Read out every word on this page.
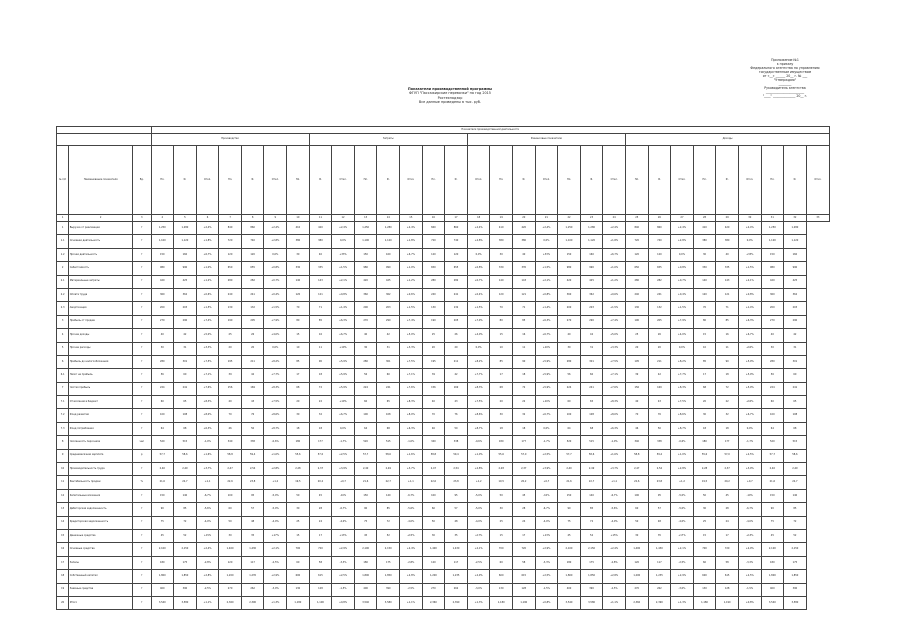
Приложение №1
к приказу
Федерального агентства по управлению
государственным имуществом
от «__» ______ 20__ г. № ___
"Утверждаю"
________
Руководитель агентства
________________________
"____" ______________ 20__ г.
Показатели производственной программы
ФГУП "Пассажирские перевозки" на год 2015
Ростехнадзор
Все данные приведены в тыс. руб.
			Показатели производственной деятельности																													
			Производство							Затраты							Финансовые показатели							Доходы								
№ п/п	Наименование показателя	Ед.	Пл.	Ф.	Откл.	Пл.	Ф.	Откл.	Пл.	Ф.	Откл.	Пл.	Ф.	Откл.	Пл.	Ф.	Откл.	Пл.	Ф.	Откл.	Пл.	Ф.	Откл.	Пл.	Ф.	Откл.	Пл.	Ф.	Откл.	Пл.	Ф.	Откл.
1	2	3	4	5	6	7	8	9	10	11	12	13	14	15	16	17	18	19	20	21	22	23	24	25	26	27	28	29	30	31	32	33
1	Выручка от реализации	т	1,250	1,280	+2,4%	840	860	+2,4%	410	420	+2,4%	1,250	1,280	+2,4%	840	860	+2,4%	410	420	+2,4%	1,250	1,280	+2,4%	840	860	+2,4%	410	420	+2,4%	1,250	1,280	
1.1	Основная деятельность	т	1,100	1,120	+1,8%	720	740	+2,8%	380	380	0,0%	1,100	1,120	+1,8%	720	740	+2,8%	380	380	0,0%	1,100	1,120	+1,8%	720	740	+2,8%	380	380	0,0%	1,100	1,120	
1.2	Прочая деятельность	т	150	160	+6,7%	120	120	0,0%	30	40	+33%	150	160	+6,7%	120	120	0,0%	30	40	+33%	150	160	+6,7%	120	120	0,0%	30	40	+33%	150	160	
2	Себестоимость	т	980	990	+1,0%	650	655	+0,8%	330	335	+1,5%	980	990	+1,0%	650	655	+0,8%	330	335	+1,5%	980	990	+1,0%	650	655	+0,8%	330	335	+1,5%	980	990	
2.1	Материальные затраты	т	420	425	+1,2%	280	282	+0,7%	140	143	+2,1%	420	425	+1,2%	280	282	+0,7%	140	143	+2,1%	420	425	+1,2%	280	282	+0,7%	140	143	+2,1%	420	425	
2.2	Оплата труда	т	360	362	+0,6%	240	241	+0,4%	120	121	+0,8%	360	362	+0,6%	240	241	+0,4%	120	121	+0,8%	360	362	+0,6%	240	241	+0,4%	120	121	+0,8%	360	362	
2.3	Амортизация	т	200	203	+1,5%	130	132	+1,5%	70	71	+1,4%	200	203	+1,5%	130	132	+1,5%	70	71	+1,4%	200	203	+1,5%	130	132	+1,5%	70	71	+1,4%	200	203	
3	Прибыль от продаж	т	270	290	+7,4%	190	205	+7,9%	80	85	+6,3%	270	290	+7,4%	190	205	+7,9%	80	85	+6,3%	270	290	+7,4%	190	205	+7,9%	80	85	+6,3%	270	290	
4	Прочие доходы	т	40	42	+5,0%	25	26	+4,0%	15	16	+6,7%	40	42	+5,0%	25	26	+4,0%	15	16	+6,7%	40	42	+5,0%	25	26	+4,0%	15	16	+6,7%	40	42	
5	Прочие расходы	т	30	31	+3,3%	20	20	0,0%	10	11	+10%	30	31	+3,3%	20	20	0,0%	10	11	+10%	30	31	+3,3%	20	20	0,0%	10	11	+10%	30	31	
6	Прибыль до налогообложения	т	280	301	+7,5%	195	211	+8,2%	85	90	+5,9%	280	301	+7,5%	195	211	+8,2%	85	90	+5,9%	280	301	+7,5%	195	211	+8,2%	85	90	+5,9%	280	301	
6.1	Налог на прибыль	т	56	60	+7,1%	39	42	+7,7%	17	18	+5,9%	56	60	+7,1%	39	42	+7,7%	17	18	+5,9%	56	60	+7,1%	39	42	+7,7%	17	18	+5,9%	56	60	
7	Чистая прибыль	т	224	241	+7,6%	156	169	+8,3%	68	72	+5,9%	224	241	+7,6%	156	169	+8,3%	68	72	+5,9%	224	241	+7,6%	156	169	+8,3%	68	72	+5,9%	224	241	
7.1	Отчисления в бюджет	т	60	65	+8,3%	40	43	+7,5%	20	22	+10%	60	65	+8,3%	40	43	+7,5%	20	22	+10%	60	65	+8,3%	40	43	+7,5%	20	22	+10%	60	65	
7.2	Фонд развития	т	100	108	+8,0%	70	76	+8,6%	30	32	+6,7%	100	108	+8,0%	70	76	+8,6%	30	32	+6,7%	100	108	+8,0%	70	76	+8,6%	30	32	+6,7%	100	108	
7.3	Фонд потребления	т	64	68	+6,3%	46	50	+8,7%	18	18	0,0%	64	68	+6,3%	46	50	+8,7%	18	18	0,0%	64	68	+6,3%	46	50	+8,7%	18	18	0,0%	64	68	
8	Численность персонала	чел	520	515	-1,0%	340	338	-0,6%	180	177	-1,7%	520	515	-1,0%	340	338	-0,6%	180	177	-1,7%	520	515	-1,0%	340	338	-0,6%	180	177	-1,7%	520	515	
9	Среднемесячная зарплата	р	57,7	58,6	+1,6%	58,8	59,4	+1,0%	55,6	57,0	+2,5%	57,7	58,6	+1,6%	58,8	59,4	+1,0%	55,6	57,0	+2,5%	57,7	58,6	+1,6%	58,8	59,4	+1,0%	55,6	57,0	+2,5%	57,7	58,6	
10	Производительность труда	т	2,40	2,49	+3,7%	2,47	2,54	+2,8%	2,28	2,37	+3,9%	2,40	2,49	+3,7%	2,47	2,54	+2,8%	2,28	2,37	+3,9%	2,40	2,49	+3,7%	2,47	2,54	+2,8%	2,28	2,37	+3,9%	2,40	2,49	
11	Рентабельность продаж	%	21,6	22,7	+1,1	22,6	23,8	+1,2	19,5	20,2	+0,7	21,6	22,7	+1,1	22,6	23,8	+1,2	19,5	20,2	+0,7	21,6	22,7	+1,1	22,6	23,8	+1,2	19,5	20,2	+0,7	21,6	22,7	
12	Капитальные вложения	т	150	140	-6,7%	100	95	-5,0%	50	45	-10%	150	140	-6,7%	100	95	-5,0%	50	45	-10%	150	140	-6,7%	100	95	-5,0%	50	45	-10%	150	140	
13	Дебиторская задолженность	т	90	85	-5,6%	60	57	-5,0%	30	28	-6,7%	90	85	-5,6%	60	57	-5,0%	30	28	-6,7%	90	85	-5,6%	60	57	-5,0%	30	28	-6,7%	90	85	
14	Кредиторская задолженность	т	75	72	-4,0%	50	48	-4,0%	25	24	-4,0%	75	72	-4,0%	50	48	-4,0%	25	24	-4,0%	75	72	-4,0%	50	48	-4,0%	25	24	-4,0%	75	72	
15	Денежные средства	т	45	52	+15%	30	35	+17%	15	17	+13%	45	52	+15%	30	35	+17%	15	17	+13%	45	52	+15%	30	35	+17%	15	17	+13%	45	52	
16	Основные средства	т	2,100	2,150	+2,4%	1,400	1,430	+2,1%	700	720	+2,9%	2,100	2,150	+2,4%	1,400	1,430	+2,1%	700	720	+2,9%	2,100	2,150	+2,4%	1,400	1,430	+2,1%	700	720	+2,9%	2,100	2,150	
17	Запасы	т	180	175	-2,8%	120	117	-2,5%	60	58	-3,3%	180	175	-2,8%	120	117	-2,5%	60	58	-3,3%	180	175	-2,8%	120	117	-2,5%	60	58	-3,3%	180	175	
18	Собственный капитал	т	1,800	1,850	+2,8%	1,200	1,235	+2,9%	600	615	+2,5%	1,800	1,850	+2,8%	1,200	1,235	+2,9%	600	615	+2,5%	1,800	1,850	+2,8%	1,200	1,235	+2,9%	600	615	+2,5%	1,800	1,850	
19	Заемные средства	т	400	390	-2,5%	270	262	-3,0%	130	128	-1,5%	400	390	-2,5%	270	262	-3,0%	130	128	-1,5%	400	390	-2,5%	270	262	-3,0%	130	128	-1,5%	400	390	
20	Итого	т	3,540	3,580	+1,1%	2,360	2,390	+1,3%	1,180	1,190	+0,8%	3,540	3,580	+1,1%	2,360	2,390	+1,3%	1,180	1,190	+0,8%	3,540	3,580	+1,1%	2,360	2,390	+1,3%	1,180	1,190	+0,8%	3,540	3,580	
